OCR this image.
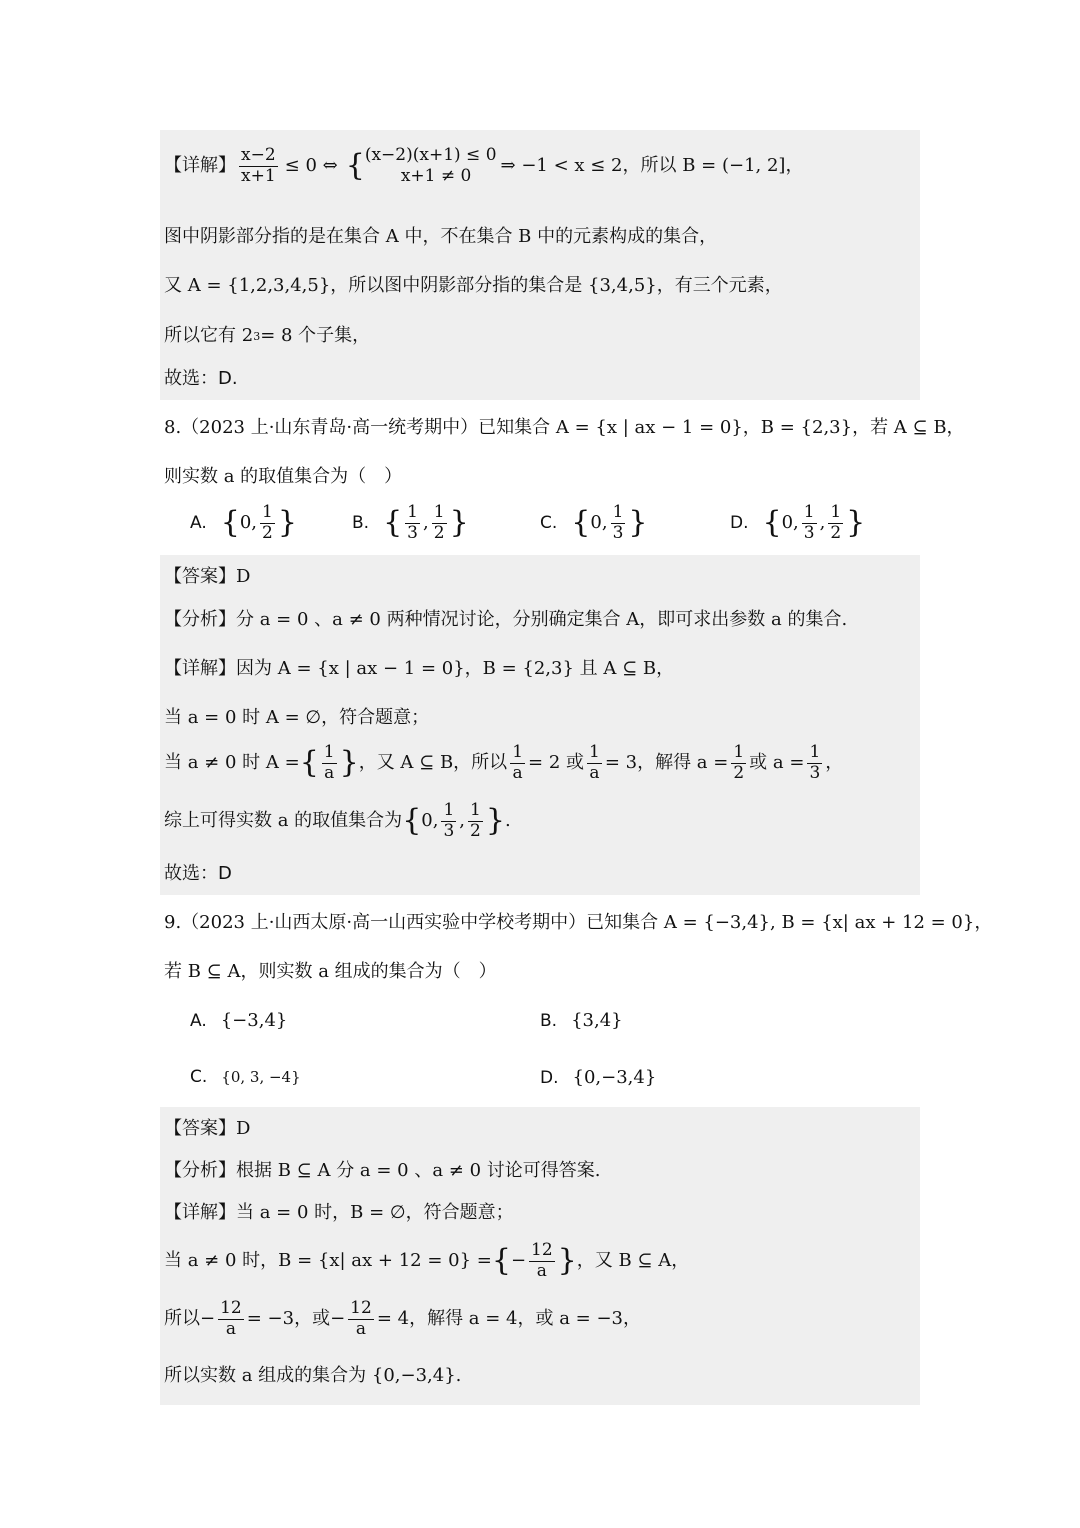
【详解】 $\frac{x-2}{x+1} \le 0$ ⇔ { (x−2)(x+1) ≤ 0
x+1 ≠ 0	⇒ −1 < x ≤ 2，所以 B = (−1, 2]，
图中阴影部分指的是在集合 A 中，不在集合 B 中的元素构成的集合，
又 A = {1,2,3,4,5}，所以图中阴影部分指的集合是 {3,4,5}，有三个元素，
所以它有 2 3 = 8 个子集，
故选：D.
8.（2023 上·山东青岛·高一统考期中）已知集合 A = {x | ax − 1 = 0}，B = {2,3}，若 A ⊆ B，
则实数 a 的取值集合为（　）
A. { 0, $\frac{1}{2}$ }	B. { $\frac{1}{3}$ , $\frac{1}{2}$ }	C. { 0, $\frac{1}{3}$ }	D. { 0, $\frac{1}{3}$ , $\frac{1}{2}$ }
【答案】D
【分析】分 a = 0 、a ≠ 0 两种情况讨论，分别确定集合 A，即可求出参数 a 的集合.
【详解】因为 A = {x | ax − 1 = 0}，B = {2,3} 且 A ⊆ B，
当 a = 0 时 A = ∅，符合题意；
当 a ≠ 0 时 A = { $\frac{1}{a}$ } ，又 A ⊆ B，所以 $\frac{1}{a} = 2$ 或 $\frac{1}{a} = 3$，解得 $a = \frac{1}{2}$ 或 $a = \frac{1}{3}$ ，
综上可得实数 a 的取值集合为 { 0, $\frac{1}{3}$ , $\frac{1}{2}$ } .
故选：D
9.（2023 上·山西太原·高一山西实验中学校考期中）已知集合 A = {−3,4}, B = {x| ax + 12 = 0}，
若 B ⊆ A，则实数 a 组成的集合为（　）
A. {−3,4}	B. {3,4}
C. {0, 3, −4}	D. {0,−3,4}
【答案】D
【分析】根据 B ⊆ A 分 a = 0 、a ≠ 0 讨论可得答案.
【详解】当 a = 0 时，B = ∅，符合题意；
当 a ≠ 0 时，B = {x| ax + 12 = 0} = { − $\frac{12}{a}$ } ，又 B ⊆ A，
所以 − $\frac{12}{a} = -3$，或 − $\frac{12}{a} = 4$，解得 a = 4，或 a = −3，
所以实数 a 组成的集合为 {0,−3,4}.
